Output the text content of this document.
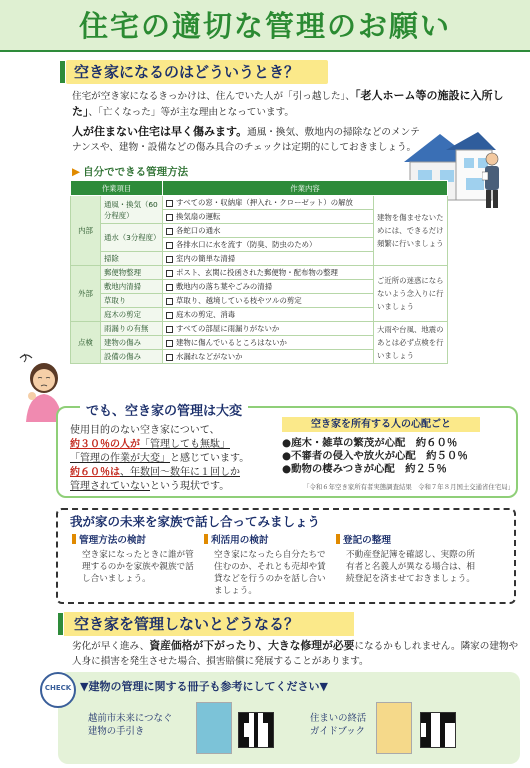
住宅の適切な管理のお願い
空き家になるのはどういうとき？
住宅が空き家になるきっかけは、住んでいた人が「引っ越した」、「老人ホーム等の施設に入所した」、「亡くなった」等が主な理由となっています。
人が住まない住宅は早く傷みます。通風・換気、敷地内の掃除などのメンテナンスや、建物・設備などの傷み具合のチェックは定期的にしておきましょう。
▶ 自分でできる管理方法
作業項目		作業内容	
内部	通風・換気（60分程度）	すべての窓・収納扉（押入れ・クローゼット）の解放	建物を傷ませないためには、できるだけ頻繁に行いましょう
		換気扇の運転	
	通水（3分程度）	各蛇口の通水	
		各排水口に水を流す（防臭、防虫のため）	
	掃除	室内の簡単な清掃	
外部	郵便物整理	ポスト、玄関に投函された郵便物・配布物の整理	ご近所の迷惑にならないよう念入りに行いましょう
	敷地内清掃	敷地内の落ち葉やごみの清掃	
	草取り	草取り、越境している枝やツルの剪定	
	庭木の剪定	庭木の剪定、消毒	
点検	雨漏りの有無	すべての部屋に雨漏りがないか	大雨や台風、地震のあとは必ず点検を行いましょう
	建物の傷み	建物に傷んでいるところはないか	
	設備の傷み	水漏れなどがないか	
でも、空き家の管理は大変
使用目的のない空き家について、
約３０％の人が「管理しても無駄」
「管理の作業が大変」と感じています。
約６０％は、年数回～数年に１回しか
管理されていないという現状です。
空き家を所有する人の心配ごと
●庭木・雑草の繁茂が心配　約６０％
●不審者の侵入や放火が心配　約５０％
●動物の棲みつきが心配　約２５％
「令和６年空き家所有者実態調査結果　令和７年８月国土交通省住宅局」
我が家の未来を家族で話し合ってみましょう
管理方法の検討
空き家になったときに誰が管理するのかを家族や親族で話し合いましょう。
利活用の検討
空き家になったら自分たちで住むのか、それとも売却や賃貸などを行うのかを話し合いましょう。
登記の整理
不動産登記簿を確認し、実際の所有者と名義人が異なる場合は、相続登記を済ませておきましょう。
空き家を管理しないとどうなる？
劣化が早く進み、資産価格が下がったり、大きな修理が必要になるかもしれません。隣家の建物や人身に損害を発生させた場合、損害賠償に発展することがあります。
CHECK ▼建物の管理に関する冊子も参考にしてください▼
越前市未来につなぐ
建物の手引き
住まいの終活
ガイドブック
